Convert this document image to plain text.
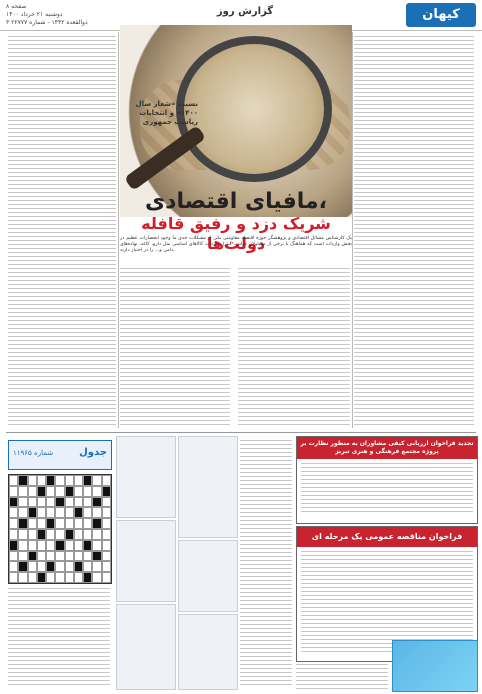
کیهان
گزارش روز
صفحه ۸
دوشنبه ۲۱ خرداد ۱۴۰۰
۳ ذوالقعده ۱۴۴۲ - شماره ۲۲۷۷۷
نسبت «شعار سال ۱۴۰۰» و انتخابات ریاست جمهوری
مافیای اقتصادی،
شریک دزد و رفیق قافله دولت‌ها
یک کارشناس مسائل اقتصادی و پژوهشگر حوزه اقتصاد مقاومتی یکی از مشکلات جدی ما وجود انحصارات عظیم در بخش واردات است که هماهنگ با برخی از مسئولان دولتی، کنترل واردات کالاهای اساسی مثل دارو، کاغذ، نهاده‌های دامی و... را در اختیار دارند.
جدول
شماره ۱۱۹۶۵
تجدید فراخوان ارزیابی کیفی مشاوران به منظور نظارت بر پروژه مجتمع فرهنگی و هنری تبریز
فراخوان مناقصه عمومی یک مرحله ای
